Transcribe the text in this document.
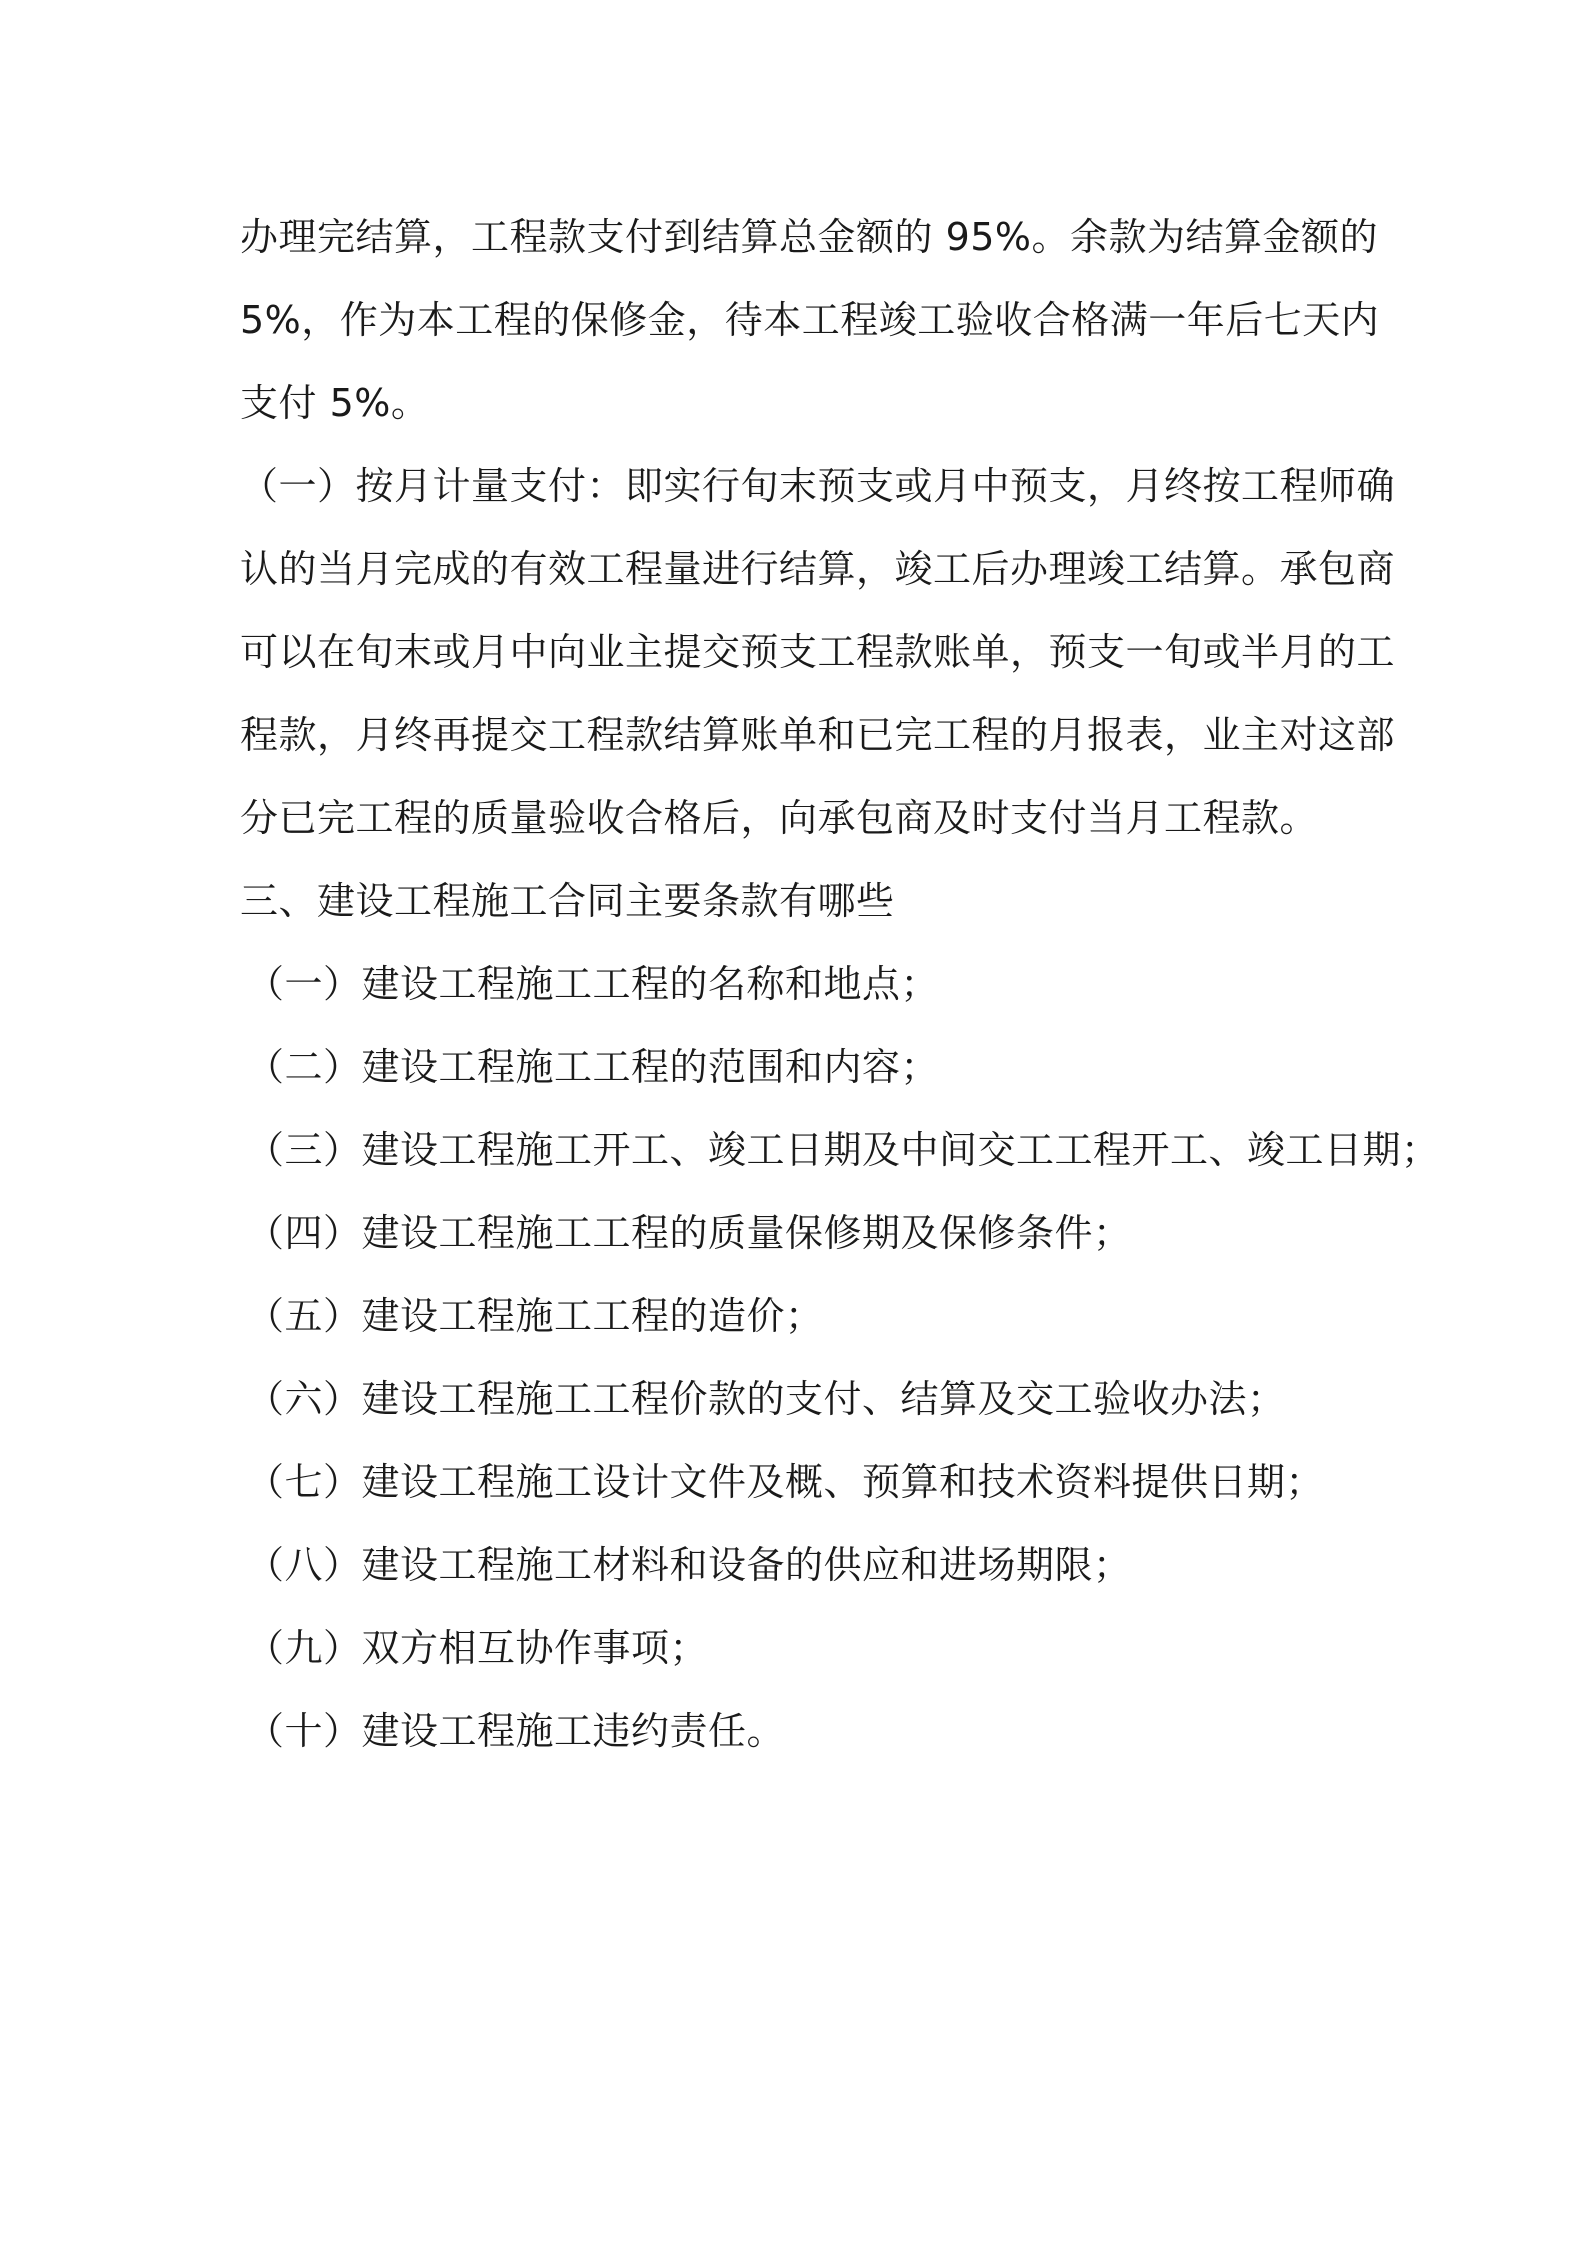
办理完结算，工程款支付到结算总金额的 95%。余款为结算金额的
5%，作为本工程的保修金，待本工程竣工验收合格满一年后七天内
支付 5%。
（一）按月计量支付：即实行旬末预支或月中预支，月终按工程师确
认的当月完成的有效工程量进行结算，竣工后办理竣工结算。承包商
可以在旬末或月中向业主提交预支工程款账单，预支一旬或半月的工
程款，月终再提交工程款结算账单和已完工程的月报表，业主对这部
分已完工程的质量验收合格后，向承包商及时支付当月工程款。
三、建设工程施工合同主要条款有哪些
（一）建设工程施工工程的名称和地点；
（二）建设工程施工工程的范围和内容；
（三）建设工程施工开工、竣工日期及中间交工工程开工、竣工日期；
（四）建设工程施工工程的质量保修期及保修条件；
（五）建设工程施工工程的造价；
（六）建设工程施工工程价款的支付、结算及交工验收办法；
（七）建设工程施工设计文件及概、预算和技术资料提供日期；
（八）建设工程施工材料和设备的供应和进场期限；
（九）双方相互协作事项；
（十）建设工程施工违约责任。
